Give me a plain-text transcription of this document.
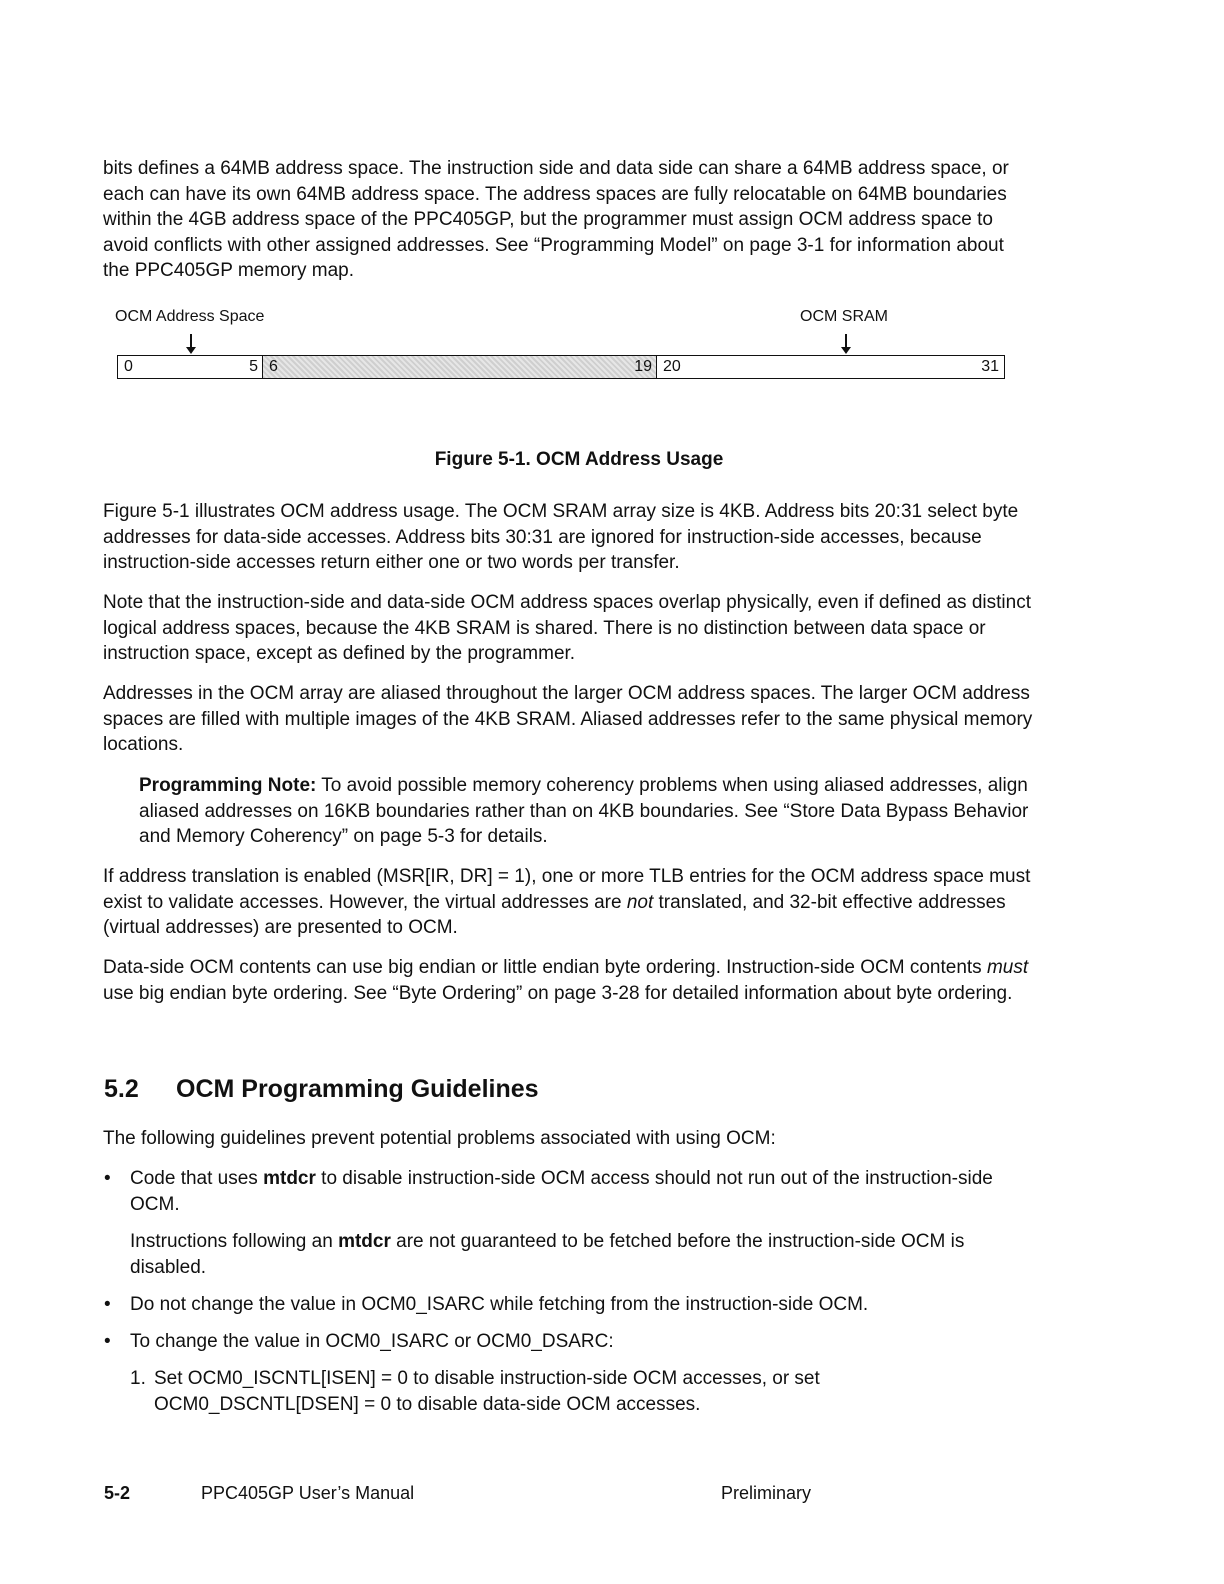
bits defines a 64MB address space. The instruction side and data side can share a 64MB address space, or each can have its own 64MB address space. The address spaces are fully relocatable on 64MB boundaries within the 4GB address space of the PPC405GP, but the programmer must assign OCM address space to avoid conflicts with other assigned addresses. See “Programming Model” on page 3-1 for information about the PPC405GP memory map.

OCM Address Space	OCM SRAM
0	5 6	19 20	31
Figure 5-1. OCM Address Usage

Figure 5-1 illustrates OCM address usage. The OCM SRAM array size is 4KB. Address bits 20:31 select byte addresses for data-side accesses. Address bits 30:31 are ignored for instruction-side accesses, because instruction-side accesses return either one or two words per transfer.

Note that the instruction-side and data-side OCM address spaces overlap physically, even if defined as distinct logical address spaces, because the 4KB SRAM is shared. There is no distinction between data space or instruction space, except as defined by the programmer.

Addresses in the OCM array are aliased throughout the larger OCM address spaces. The larger OCM address spaces are filled with multiple images of the 4KB SRAM. Aliased addresses refer to the same physical memory locations.

Programming Note: To avoid possible memory coherency problems when using aliased addresses, align aliased addresses on 16KB boundaries rather than on 4KB boundaries. See “Store Data Bypass Behavior and Memory Coherency” on page 5-3 for details.

If address translation is enabled (MSR[IR, DR] = 1), one or more TLB entries for the OCM address space must exist to validate accesses. However, the virtual addresses are not translated, and 32-bit effective addresses (virtual addresses) are presented to OCM.

Data-side OCM contents can use big endian or little endian byte ordering. Instruction-side OCM contents must use big endian byte ordering. See “Byte Ordering” on page 3-28 for detailed information about byte ordering.

5.2 OCM Programming Guidelines

The following guidelines prevent potential problems associated with using OCM:

• Code that uses mtdcr to disable instruction-side OCM access should not run out of the instruction-side OCM.

Instructions following an mtdcr are not guaranteed to be fetched before the instruction-side OCM is disabled.

• Do not change the value in OCM0_ISARC while fetching from the instruction-side OCM.

• To change the value in OCM0_ISARC or OCM0_DSARC:

1. Set OCM0_ISCNTL[ISEN] = 0 to disable instruction-side OCM accesses, or set OCM0_DSCNTL[DSEN] = 0 to disable data-side OCM accesses.

5-2	PPC405GP User’s Manual	Preliminary
